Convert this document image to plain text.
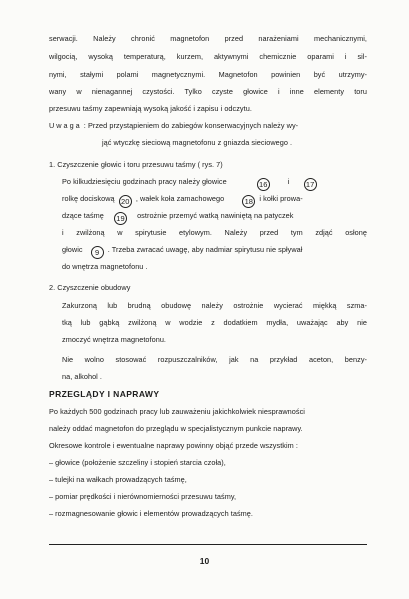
serwacji. Należy chronić magnetofon przed narażeniami mechanicznymi,
wilgocią, wysoką temperaturą, kurzem, aktywnymi chemicznie oparami i sil-
nymi, stałymi polami magnetycznymi. Magnetofon powinien być utrzymy-
wany w nienagannej czystości. Tylko czyste głowice i inne elementy toru
przesuwu taśmy zapewniają wysoką jakość i zapisu i odczytu.
Uwaga : Przed przystąpieniem do zabiegów konserwacyjnych należy wy-
jąć wtyczkę sieciową magnetofonu z gniazda sieciowego .
1. Czyszczenie głowic i toru przesuwu taśmy ( rys. 7)
Po kilkudziesięciu godzinach pracy należy głowice	16	i 17
rolkę dociskową 20 , wałek koła zamachowego	18 i kołki prowa-
dzące taśmę 19 ostrożnie przemyć watką nawiniętą na patyczek
i zwilżoną w spirytusie etylowym. Należy przed tym zdjąć osłonę
głowic 9 . Trzeba zwracać uwagę, aby nadmiar spirytusu nie spływał
do wnętrza magnetofonu .
2. Czyszczenie obudowy
Zakurzoną lub brudną obudowę należy ostrożnie wycierać miękką szma-
tką lub gąbką zwilżoną w wodzie z dodatkiem mydła, uważając aby nie
zmoczyć wnętrza magnetofonu.
Nie wolno stosować rozpuszczalników, jak na przykład aceton, benzy-
na, alkohol .
PRZEGLĄDY I NAPRAWY
Po każdych 500 godzinach pracy lub zauważeniu jakichkolwiek niesprawności
należy oddać magnetofon do przeglądu w specjalistycznym punkcie naprawy.
Okresowe kontrole i ewentualne naprawy powinny objąć przede wszystkim :
– głowice (położenie szczeliny i stopień starcia czoła),
– tulejki na wałkach prowadzących taśmę,
– pomiar prędkości i nierównomierności przesuwu taśmy,
– rozmagnesowanie głowic i elementów prowadzących taśmę.
10
